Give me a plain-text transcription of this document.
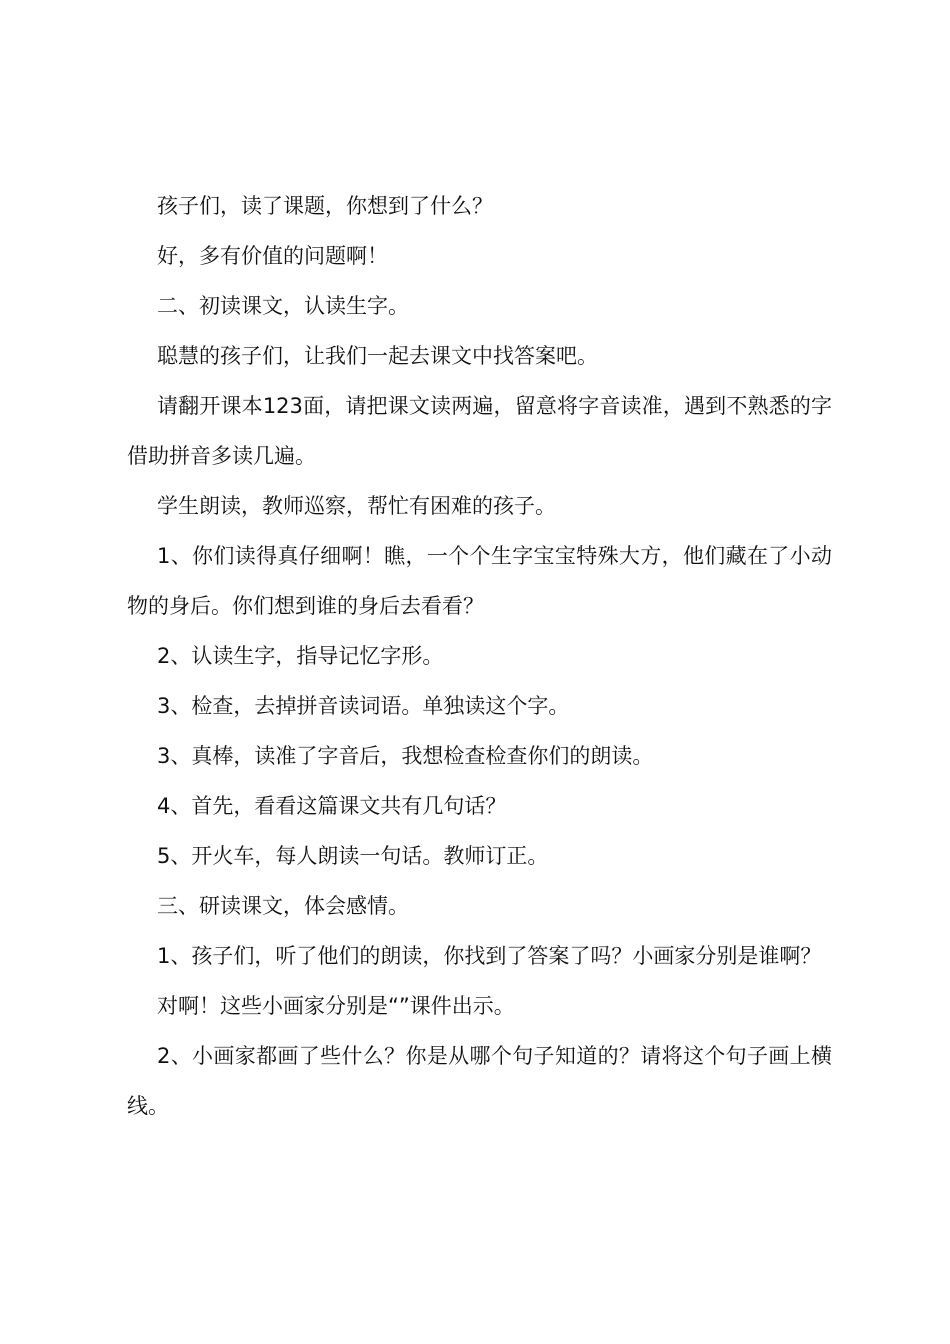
孩子们，读了课题，你想到了什么？

好，多有价值的问题啊！

二、初读课文，认读生字。

聪慧的孩子们，让我们一起去课文中找答案吧。

请翻开课本123面，请把课文读两遍，留意将字音读准，遇到不熟悉的字借助拼音多读几遍。

学生朗读，教师巡察，帮忙有困难的孩子。

1、你们读得真仔细啊！瞧，一个个生字宝宝特殊大方，他们藏在了小动物的身后。你们想到谁的身后去看看？

2、认读生字，指导记忆字形。

3、检查，去掉拼音读词语。单独读这个字。

3、真棒，读准了字音后，我想检查检查你们的朗读。

4、首先，看看这篇课文共有几句话？

5、开火车，每人朗读一句话。教师订正。

三、研读课文，体会感情。

1、孩子们，听了他们的朗读，你找到了答案了吗？小画家分别是谁啊？

对啊！这些小画家分别是“”课件出示。

2、小画家都画了些什么？你是从哪个句子知道的？请将这个句子画上横线。
